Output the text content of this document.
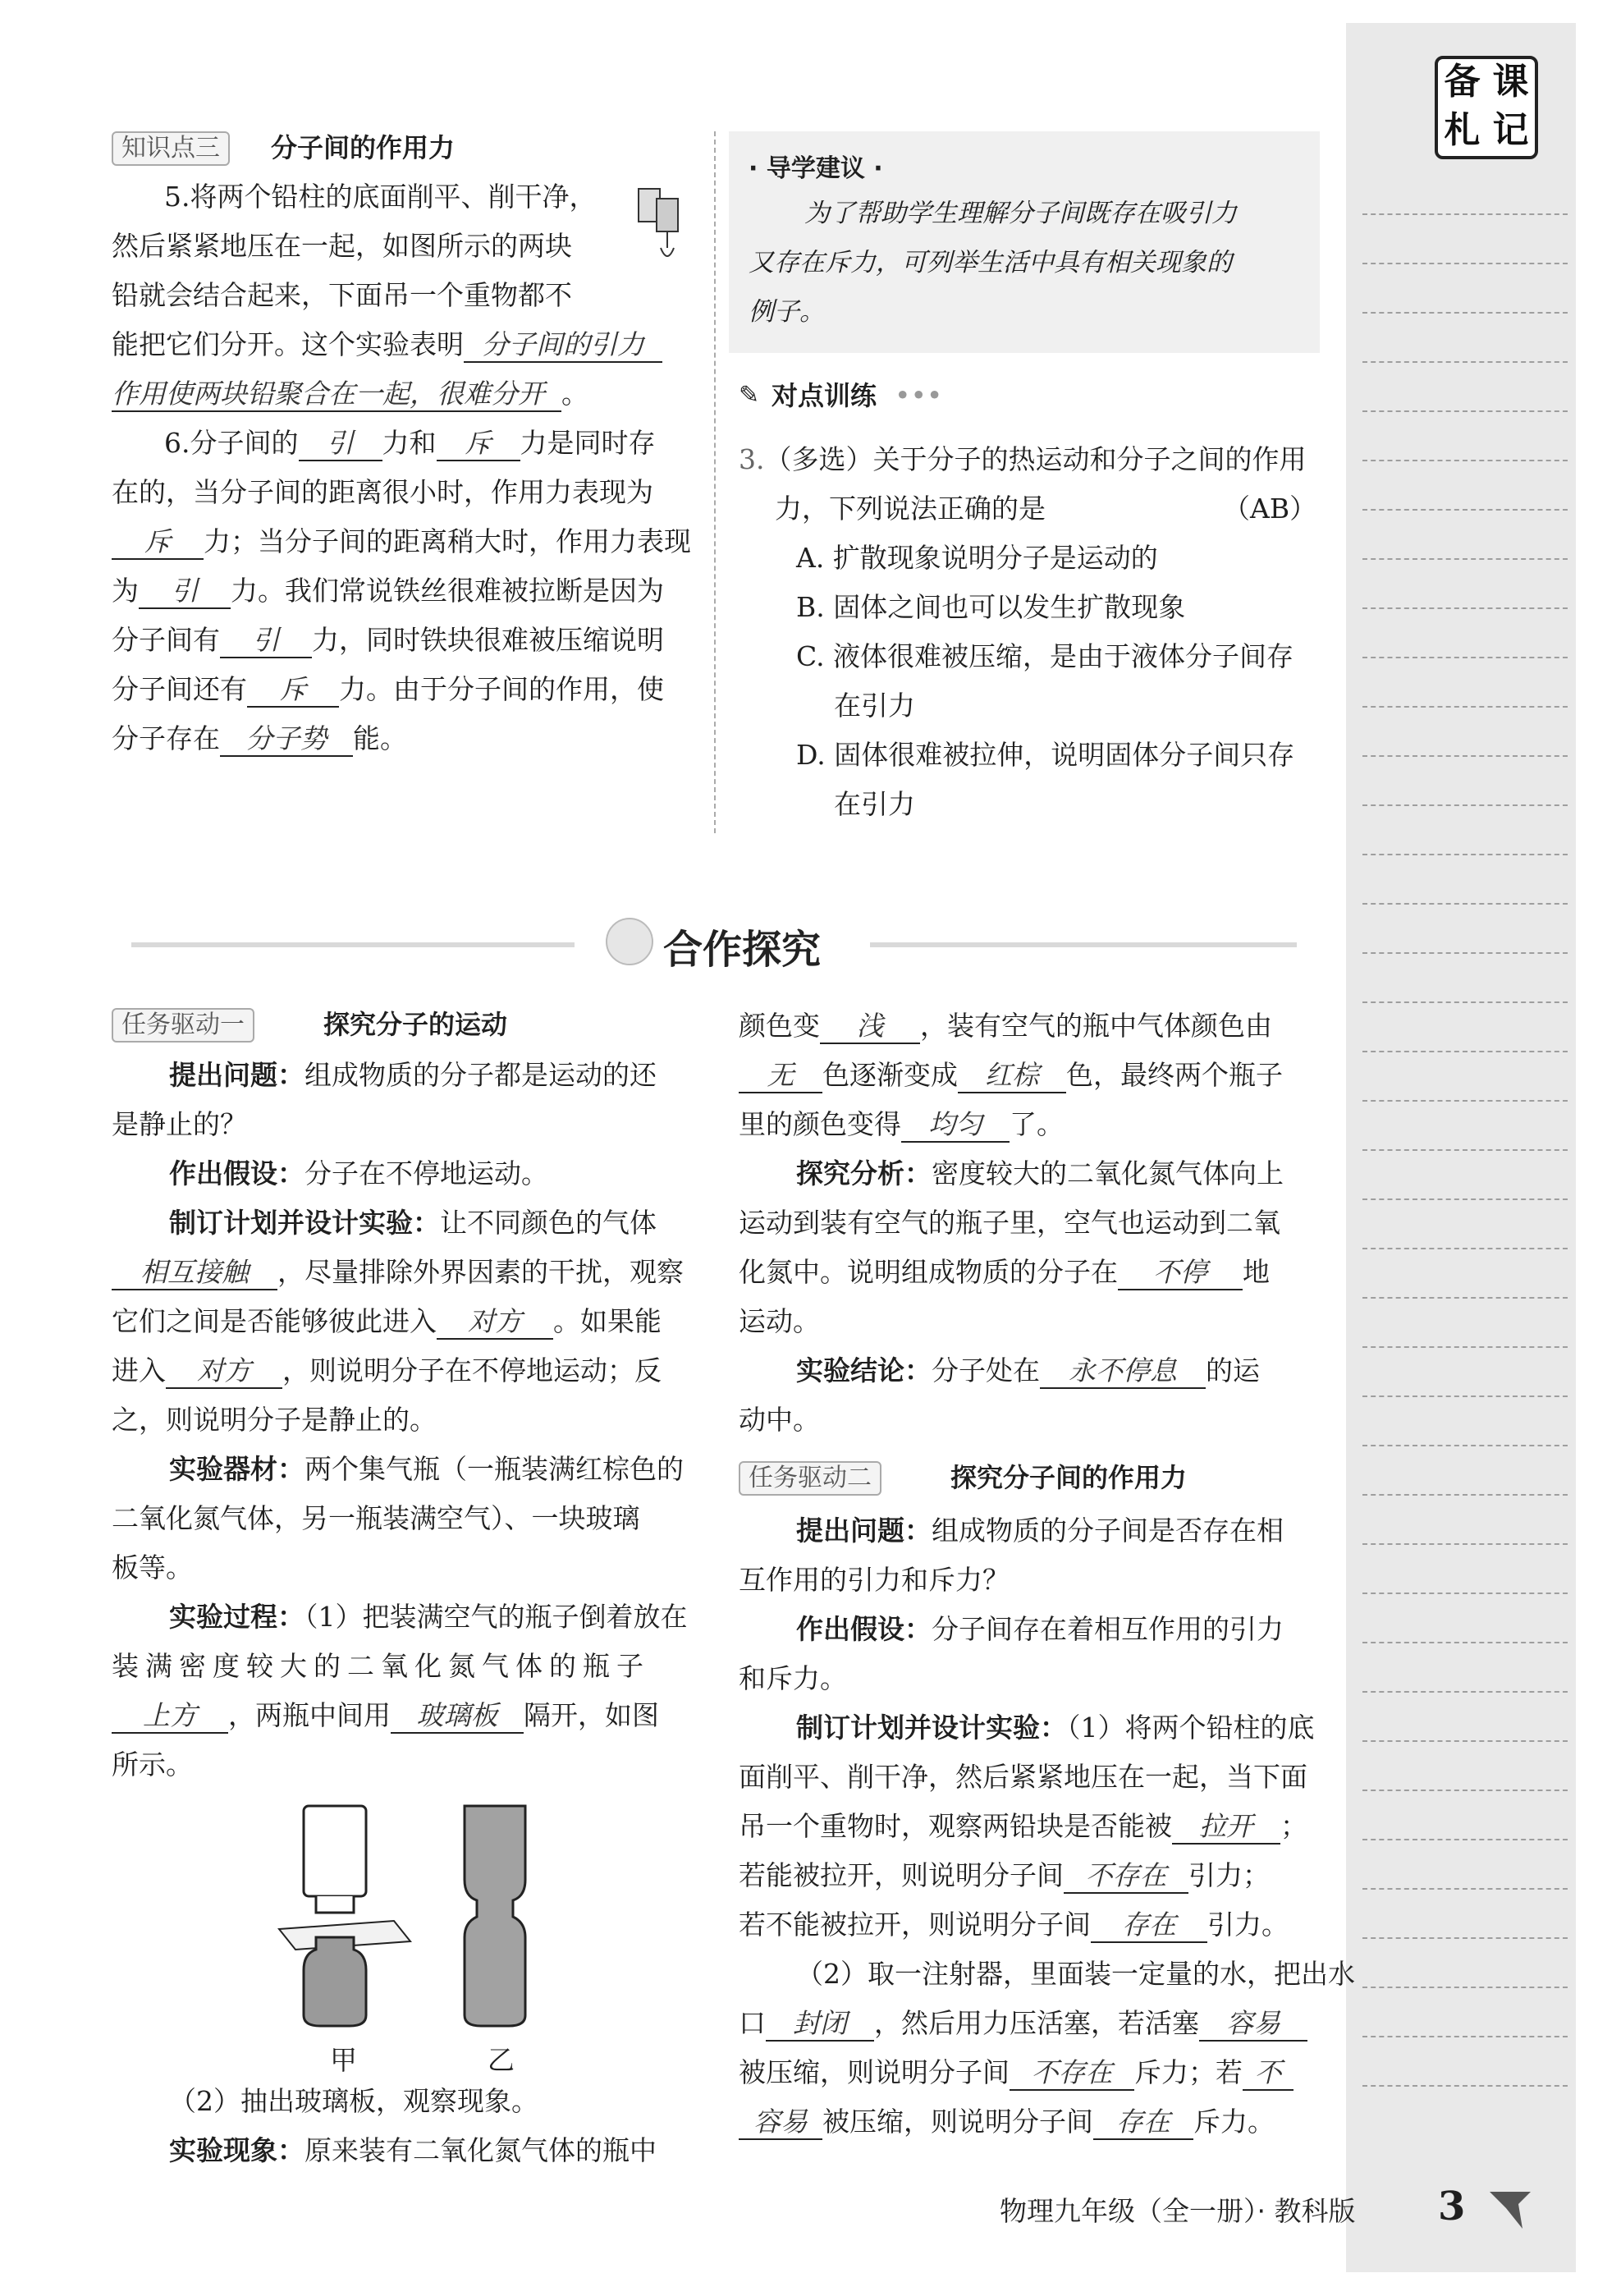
备 课
札 记
知识点三	分子间的作用力
5.将两个铅柱的底面削平、削干净，
然后紧紧地压在一起，如图所示的两块
铅就会结合起来，下面吊一个重物都不
能把它们分开。这个实验表明 分子间的引力
作用使两块铅聚合在一起，很难分开 。
6.分子间的 引 力和 斥 力是同时存
在的，当分子间的距离很小时，作用力表现为
斥 力；当分子间的距离稍大时，作用力表现
为 引 力。我们常说铁丝很难被拉断是因为
分子间有 引 力，同时铁块很难被压缩说明
分子间还有 斥 力。由于分子间的作用，使
分子存在 分子势 能。
· 导学建议 ·
为了帮助学生理解分子间既存在吸引力
又存在斥力，可列举生活中具有相关现象的
例子。
✎ 对点训练 •••
3.（多选）关于分子的热运动和分子之间的作用
力，下列说法正确的是	（AB）
A. 扩散现象说明分子是运动的
B. 固体之间也可以发生扩散现象
C. 液体很难被压缩，是由于液体分子间存
在引力
D. 固体很难被拉伸，说明固体分子间只存
在引力
合作探究
任务驱动一	探究分子的运动
提出问题：组成物质的分子都是运动的还
是静止的？
作出假设：分子在不停地运动。
制订计划并设计实验：让不同颜色的气体
相互接触 ，尽量排除外界因素的干扰，观察
它们之间是否能够彼此进入 对方 。如果能
进入 对方 ，则说明分子在不停地运动；反
之，则说明分子是静止的。
实验器材：两个集气瓶（一瓶装满红棕色的
二氧化氮气体，另一瓶装满空气）、一块玻璃
板等。
实验过程：（1）把装满空气的瓶子倒着放在
装满密度较大的二氧化氮气体的瓶子
上方 ，两瓶中间用 玻璃板 隔开，如图
所示。
甲	乙
（2）抽出玻璃板，观察现象。
实验现象：原来装有二氧化氮气体的瓶中
颜色变 浅 ，装有空气的瓶中气体颜色由
无 色逐渐变成 红棕 色，最终两个瓶子
里的颜色变得 均匀 了。
探究分析：密度较大的二氧化氮气体向上
运动到装有空气的瓶子里，空气也运动到二氧
化氮中。说明组成物质的分子在 不停 地
运动。
实验结论：分子处在 永不停息 的运
动中。
任务驱动二	探究分子间的作用力
提出问题：组成物质的分子间是否存在相
互作用的引力和斥力？
作出假设：分子间存在着相互作用的引力
和斥力。
制订计划并设计实验：（1）将两个铅柱的底
面削平、削干净，然后紧紧地压在一起，当下面
吊一个重物时，观察两铅块是否能被 拉开 ；
若能被拉开，则说明分子间 不存在 引力；
若不能被拉开，则说明分子间 存在 引力。
（2）取一注射器，里面装一定量的水，把出水
口 封闭 ，然后用力压活塞，若活塞 容易
被压缩，则说明分子间 不存在 斥力；若 不
容易 被压缩，则说明分子间 存在 斥力。
物理九年级（全一册）· 教科版 3
